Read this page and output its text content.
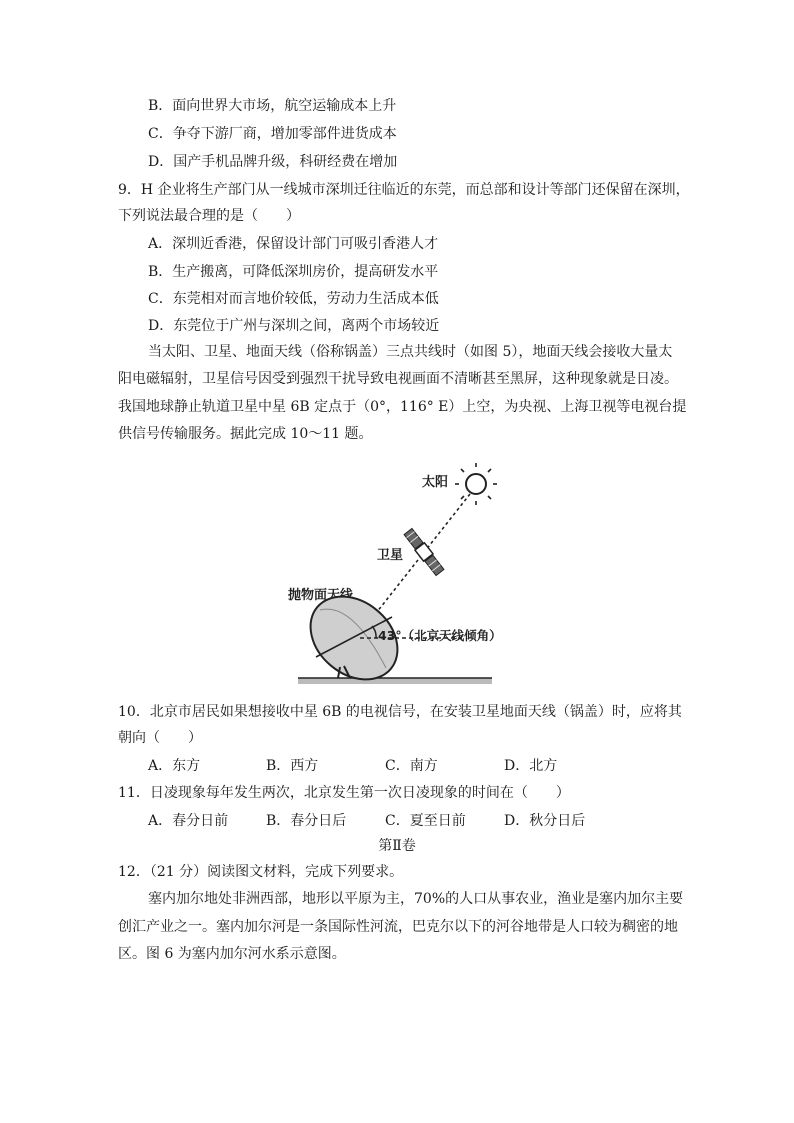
B．面向世界大市场，航空运输成本上升
C．争夺下游厂商，增加零部件进货成本
D．国产手机品牌升级，科研经费在增加
9．H 企业将生产部门从一线城市深圳迁往临近的东莞，而总部和设计等部门还保留在深圳，
下列说法最合理的是（　　）
A．深圳近香港，保留设计部门可吸引香港人才
B．生产搬离，可降低深圳房价，提高研发水平
C．东莞相对而言地价较低，劳动力生活成本低
D．东莞位于广州与深圳之间，离两个市场较近
当太阳、卫星、地面天线（俗称锅盖）三点共线时（如图 5），地面天线会接收大量太
阳电磁辐射，卫星信号因受到强烈干扰导致电视画面不清晰甚至黑屏，这种现象就是日凌。
我国地球静止轨道卫星中星 6B 定点于（0°，116° E）上空，为央视、上海卫视等电视台提
供信号传输服务。据此完成 10～11 题。
太阳
卫星
抛物面天线
43°（北京天线倾角）
10．北京市居民如果想接收中星 6B 的电视信号，在安装卫星地面天线（锅盖）时，应将其
朝向（　　）
A．东方	B．西方	C．南方	D．北方
11．日凌现象每年发生两次，北京发生第一次日凌现象的时间在（　　）
A．春分日前	B．春分日后	C．夏至日前	D．秋分日后
第Ⅱ卷
12．（21 分）阅读图文材料，完成下列要求。
塞内加尔地处非洲西部，地形以平原为主，70%的人口从事农业，渔业是塞内加尔主要
创汇产业之一。塞内加尔河是一条国际性河流，巴克尔以下的河谷地带是人口较为稠密的地
区。图 6 为塞内加尔河水系示意图。
